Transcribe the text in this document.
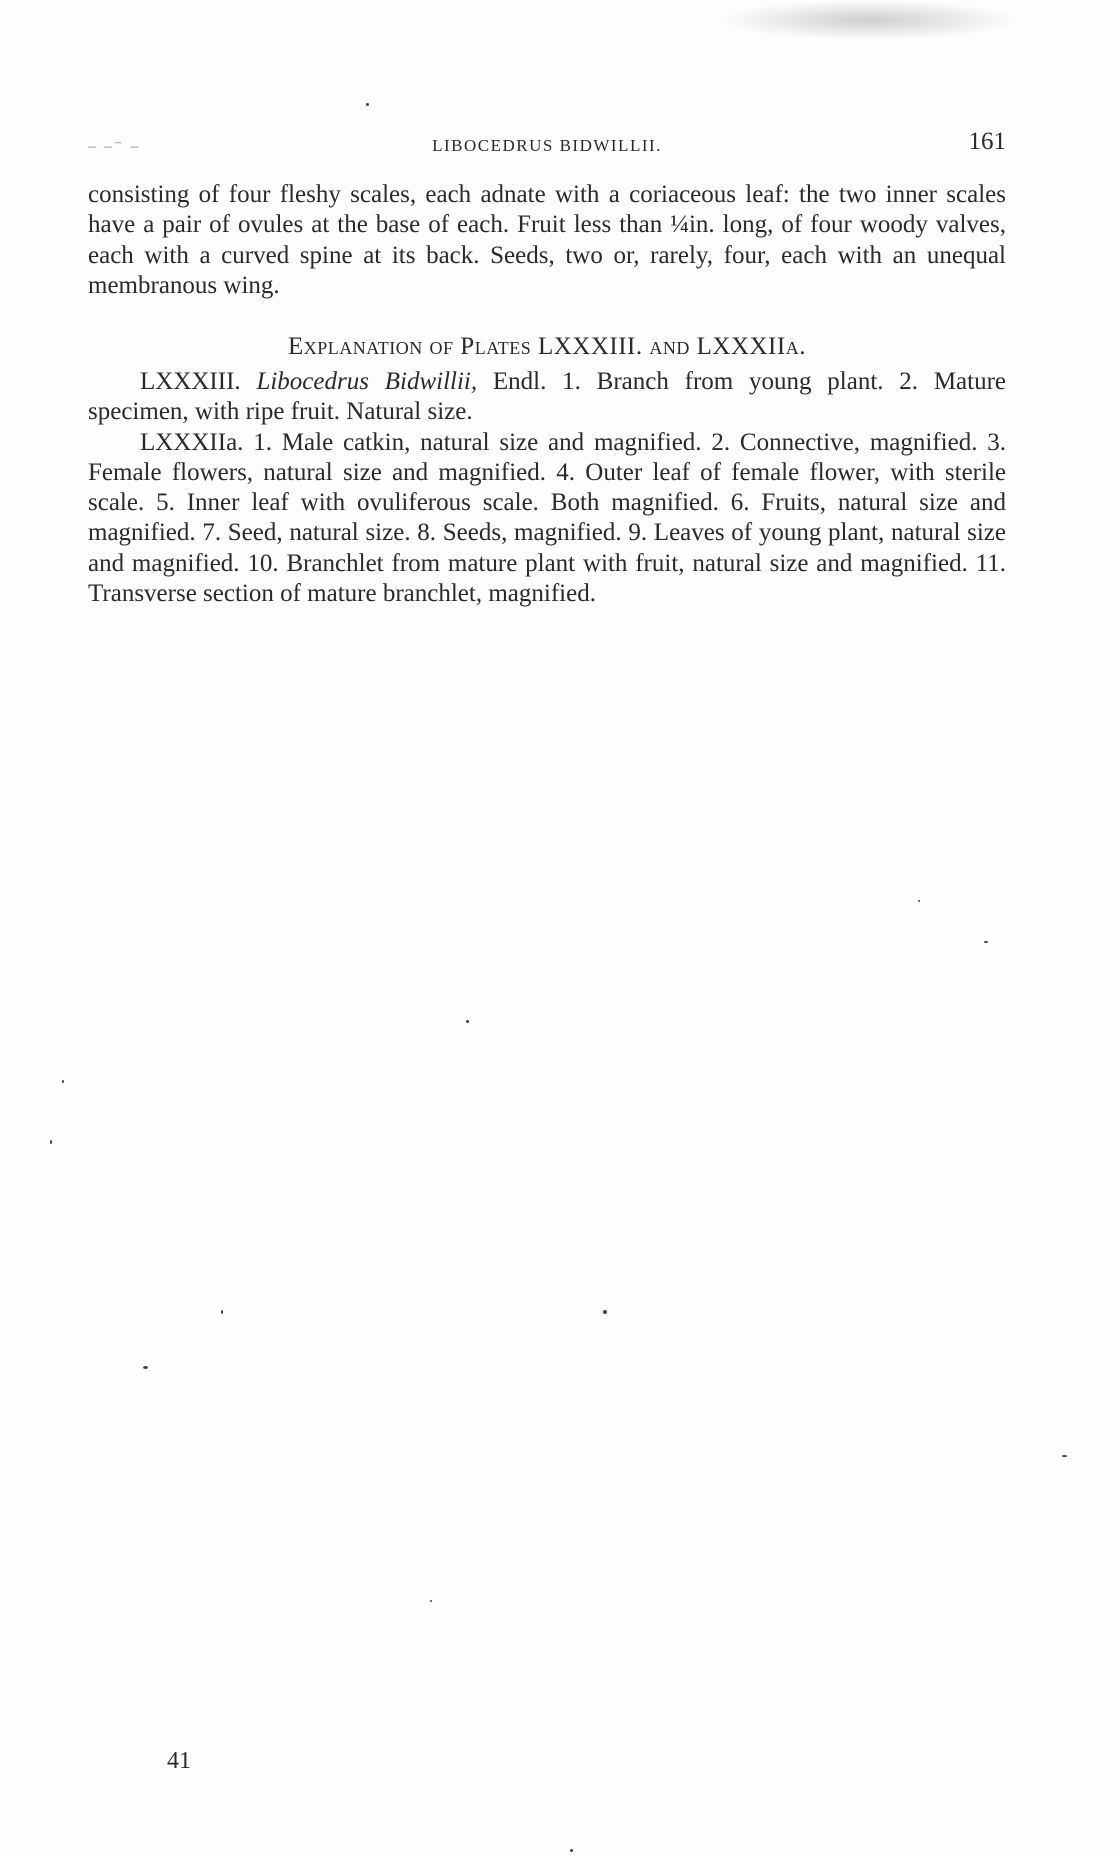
– –⁻ –	LIBOCEDRUS BIDWILLII.	161

consisting of four fleshy scales, each adnate with a coriaceous leaf: the two inner scales have a pair of ovules at the base of each. Fruit less than ¼in. long, of four woody valves, each with a curved spine at its back. Seeds, two or, rarely, four, each with an unequal membranous wing.

Explanation of Plates LXXXIII. and LXXXIIa.

LXXXIII. Libocedrus Bidwillii, Endl. 1. Branch from young plant. 2. Mature specimen, with ripe fruit. Natural size.

LXXXIIa. 1. Male catkin, natural size and magnified. 2. Connective, magnified. 3. Female flowers, natural size and magnified. 4. Outer leaf of female flower, with sterile scale. 5. Inner leaf with ovuliferous scale. Both magnified. 6. Fruits, natural size and magnified. 7. Seed, natural size. 8. Seeds, magnified. 9. Leaves of young plant, natural size and magnified. 10. Branchlet from mature plant with fruit, natural size and magnified. 11. Transverse section of mature branchlet, magnified.

41
